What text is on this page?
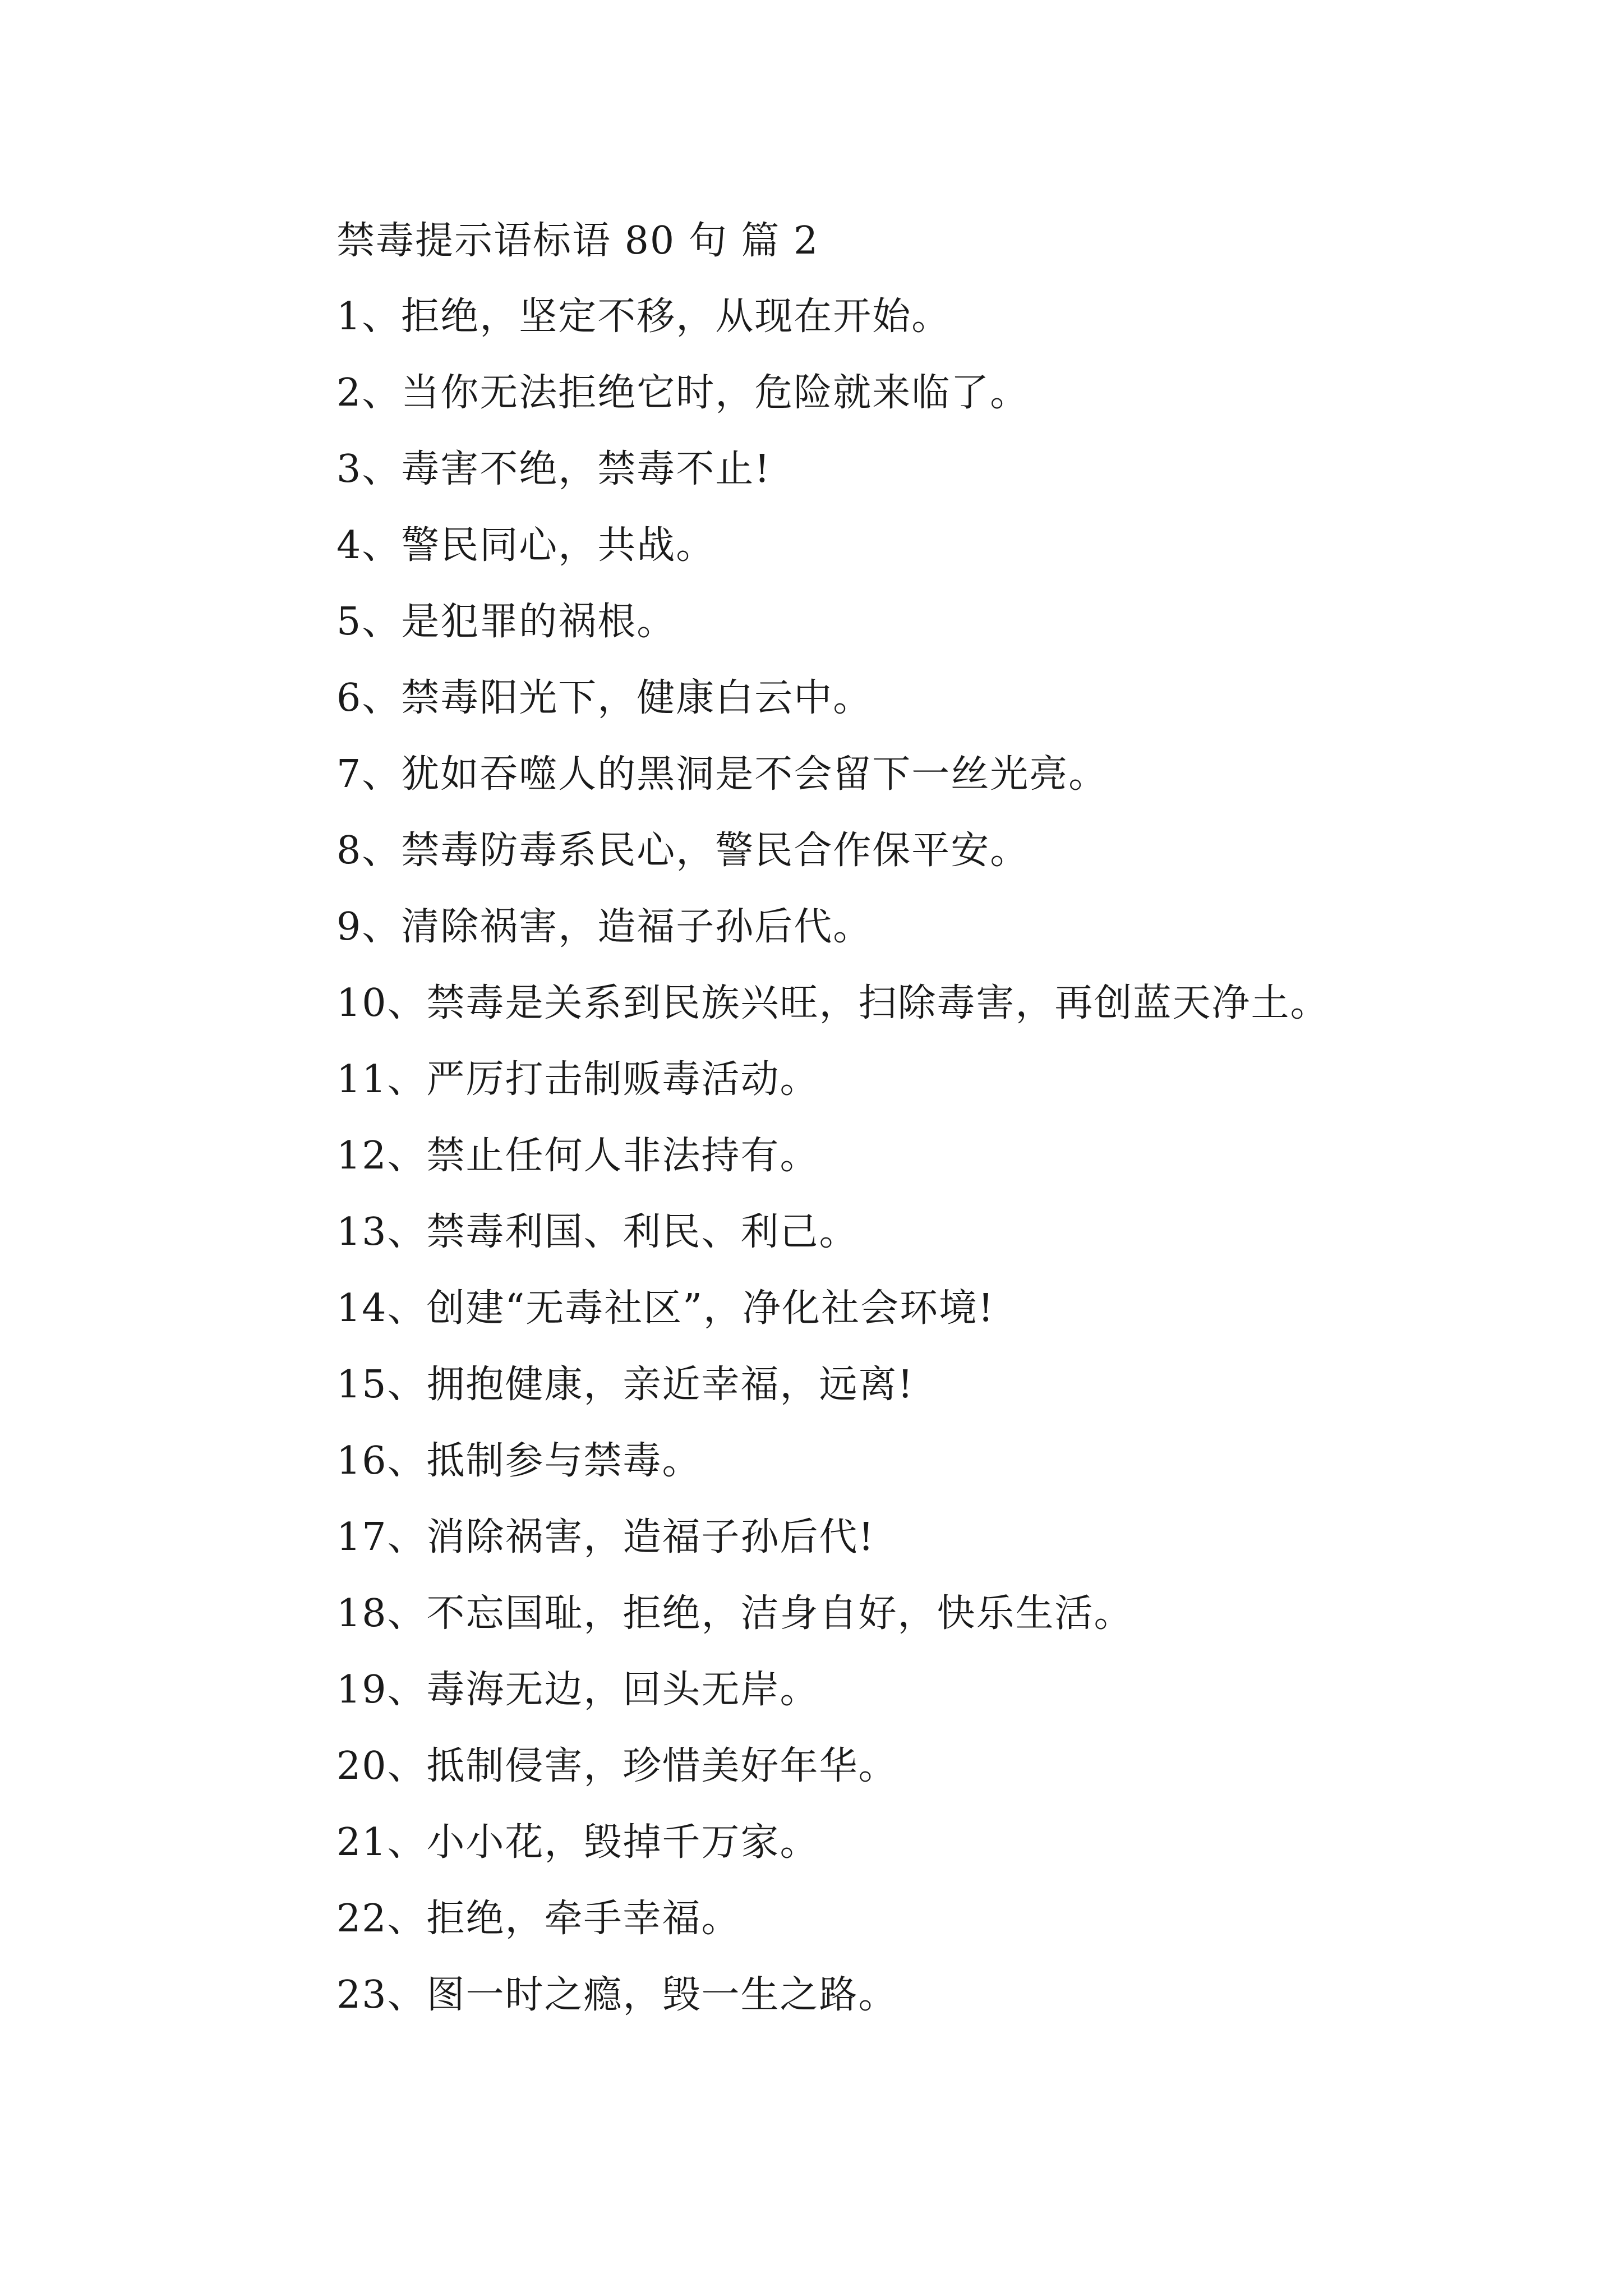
禁毒提示语标语 80 句 篇 2
1、拒绝，坚定不移，从现在开始。
2、当你无法拒绝它时，危险就来临了。
3、毒害不绝，禁毒不止!
4、警民同心，共战。
5、是犯罪的祸根。
6、禁毒阳光下，健康白云中。
7、犹如吞噬人的黑洞是不会留下一丝光亮。
8、禁毒防毒系民心，警民合作保平安。
9、清除祸害，造福子孙后代。
10、禁毒是关系到民族兴旺，扫除毒害，再创蓝天净土。
11、严厉打击制贩毒活动。
12、禁止任何人非法持有。
13、禁毒利国、利民、利己。
14、创建“无毒社区”，净化社会环境!
15、拥抱健康，亲近幸福，远离!
16、抵制参与禁毒。
17、消除祸害，造福子孙后代!
18、不忘国耻，拒绝，洁身自好，快乐生活。
19、毒海无边，回头无岸。
20、抵制侵害，珍惜美好年华。
21、小小花，毁掉千万家。
22、拒绝，牵手幸福。
23、图一时之瘾，毁一生之路。
